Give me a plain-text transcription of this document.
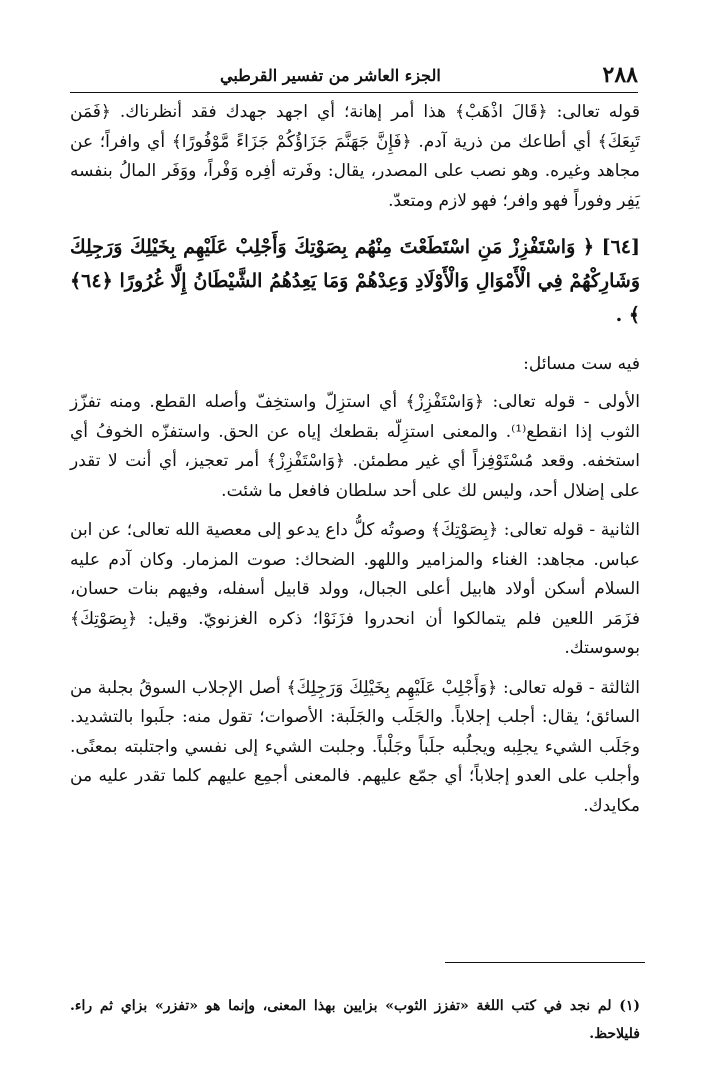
٢٨٨
الجزء العاشر من تفسير القرطبي

قوله تعالى: ﴿قَالَ اذْهَبْ﴾ هذا أمر إهانة؛ أي اجهد جهدك فقد أنظرناك. ﴿فَمَن تَبِعَكَ﴾ أي أطاعك من ذرية آدم. ﴿فَإِنَّ جَهَنَّمَ جَزَاؤُكُمْ جَزَاءً مَّوْفُورًا﴾ أي وافراً؛ عن مجاهد وغيره. وهو نصب على المصدر، يقال: وفَرته أفِره وَفْراً، ووَفَر المالُ بنفسه يَفِر وفوراً فهو وافر؛ فهو لازم ومتعدّ.

[٦٤] ﴿ وَاسْتَفْزِزْ مَنِ اسْتَطَعْتَ مِنْهُم بِصَوْتِكَ وَأَجْلِبْ عَلَيْهِم بِخَيْلِكَ وَرَجِلِكَ وَشَارِكْهُمْ فِي الْأَمْوَالِ وَالْأَوْلَادِ وَعِدْهُمْ وَمَا يَعِدُهُمُ الشَّيْطَانُ إِلَّا غُرُورًا ﴿٦٤﴾ ﴾ .

فيه ست مسائل:

الأولى - قوله تعالى: ﴿وَاسْتَفْزِزْ﴾ أي استزِلّ واستخِفّ وأصله القطع. ومنه تفزّز الثوب إذا انقطع⁽¹⁾. والمعنى استزِلّه بقطعك إياه عن الحق. واستفزّه الخوفُ أي استخفه. وقعد مُسْتَوْفِزاً أي غير مطمئن. ﴿وَاسْتَفْزِزْ﴾ أمر تعجيز، أي أنت لا تقدر على إضلال أحد، وليس لك على أحد سلطان فافعل ما شئت.

الثانية - قوله تعالى: ﴿بِصَوْتِكَ﴾ وصوتُه كلُّ داع يدعو إلى معصية الله تعالى؛ عن ابن عباس. مجاهد: الغناء والمزامير واللهو. الضحاك: صوت المزمار. وكان آدم عليه السلام أسكن أولاد هابيل أعلى الجبال، وولد قابيل أسفله، وفيهم بنات حسان، فزَمَر اللعين فلم يتمالكوا أن انحدروا فزَنَوْا؛ ذكره الغزنويّ. وقيل: ﴿بِصَوْتِكَ﴾ بوسوستك.

الثالثة - قوله تعالى: ﴿وَأَجْلِبْ عَلَيْهِم بِخَيْلِكَ وَرَجِلِكَ﴾ أصل الإجلاب السوقُ بجلبة من السائق؛ يقال: أجلب إجلاباً. والجَلَب والجَلَبة: الأصوات؛ تقول منه: جلَبوا بالتشديد. وجَلَب الشيء يجلِبه ويجلُبه جلَباً وجَلْباً. وجلبت الشيء إلى نفسي واجتلبته بمعنًى. وأجلب على العدو إجلاباً؛ أي جمّع عليهم. فالمعنى أجمِع عليهم كلما تقدر عليه من مكايدك.

(١) لم نجد في كتب اللغة «تفزز الثوب» بزايين بهذا المعنى، وإنما هو «تفزر» بزاي ثم راء. فليلاحظ.
